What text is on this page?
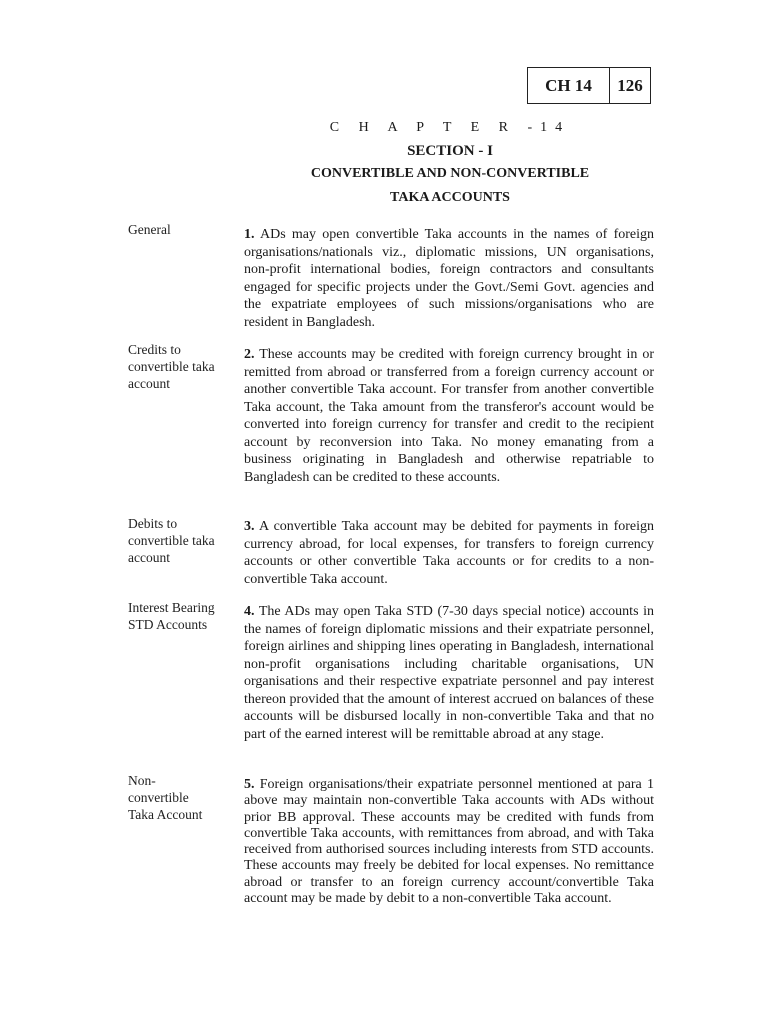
CH 14	126
C H A P T E R -14
SECTION - I
CONVERTIBLE AND NON-CONVERTIBLE
TAKA ACCOUNTS
General	1. ADs may open convertible Taka accounts in the names of foreign organisations/nationals viz., diplomatic missions, UN organisations, non-profit international bodies, foreign contractors and consultants engaged for specific projects under the Govt./Semi Govt. agencies and the expatriate employees of such missions/organisations who are resident in Bangladesh.
Credits to
convertible taka
account
2. These accounts may be credited with foreign currency brought in or remitted from abroad or transferred from a foreign currency account or another convertible Taka account. For transfer from another convertible Taka account, the Taka amount from the transferor's account would be converted into foreign currency for transfer and credit to the recipient account by reconversion into Taka. No money emanating from a business originating in Bangladesh and otherwise repatriable to Bangladesh can be credited to these accounts.
Debits to
convertible taka
account
3. A convertible Taka account may be debited for payments in foreign currency abroad, for local expenses, for transfers to foreign currency accounts or other convertible Taka accounts or for credits to a non-convertible Taka account.
Interest Bearing
STD Accounts
4. The ADs may open Taka STD (7-30 days special notice) accounts in the names of foreign diplomatic missions and their expatriate personnel, foreign airlines and shipping lines operating in Bangladesh, international non-profit organisations including charitable organisations, UN organisations and their respective expatriate personnel and pay interest thereon provided that the amount of interest accrued on balances of these accounts will be disbursed locally in non-convertible Taka and that no part of the earned interest will be remittable abroad at any stage.
Non-
convertible
Taka Account
5. Foreign organisations/their expatriate personnel mentioned at para 1 above may maintain non-convertible Taka accounts with ADs without prior BB approval. These accounts may be credited with funds from convertible Taka accounts, with remittances from abroad, and with Taka received from authorised sources including interests from STD accounts. These accounts may freely be debited for local expenses. No remittance abroad or transfer to an foreign currency account/convertible Taka account may be made by debit to a non-convertible Taka account.
